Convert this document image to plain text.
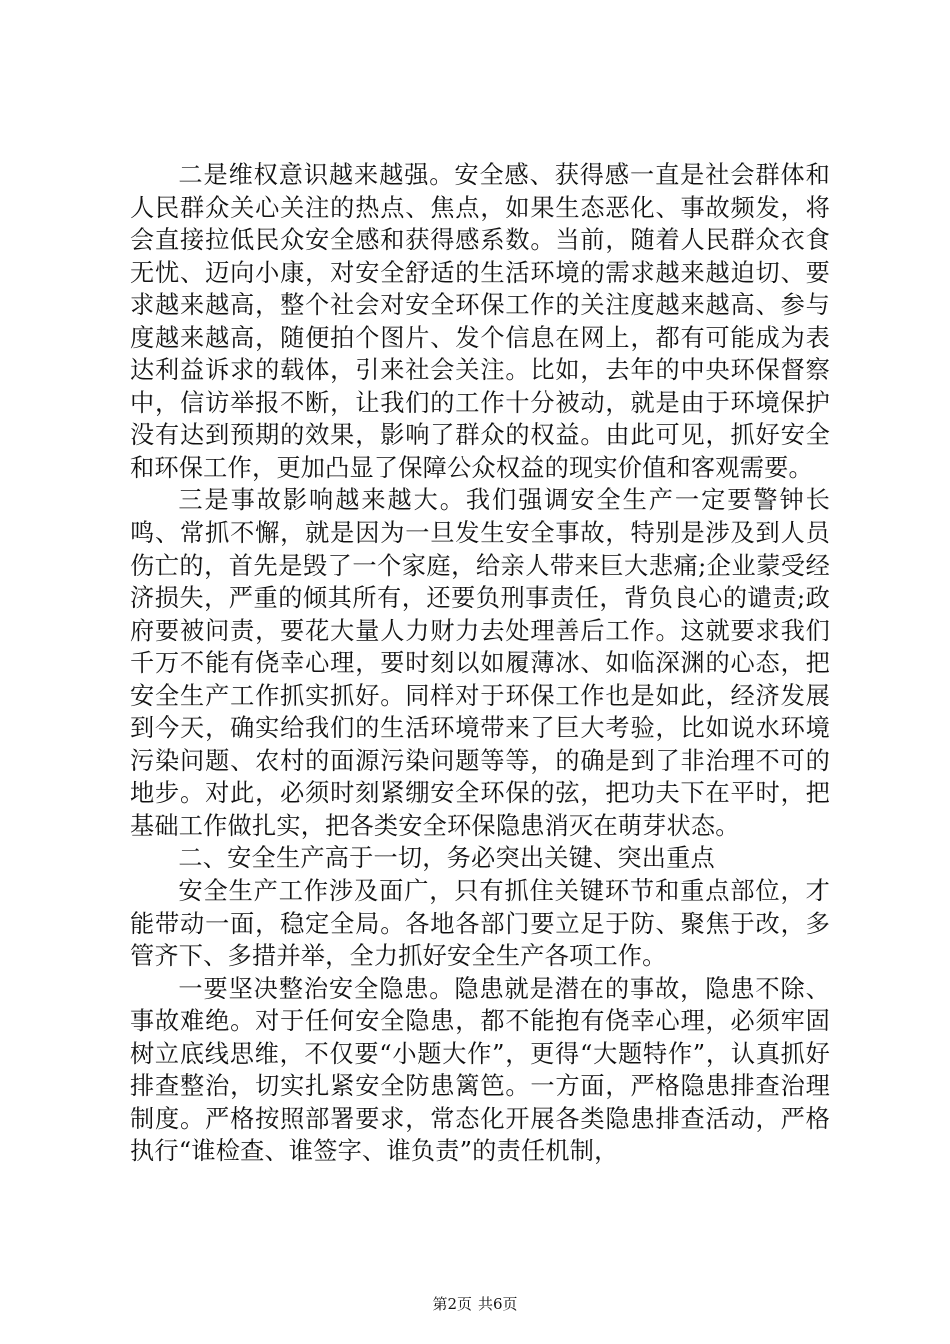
二是维权意识越来越强。安全感、获得感一直是社会群体和人民群众关心关注的热点、焦点，如果生态恶化、事故频发，将会直接拉低民众安全感和获得感系数。当前，随着人民群众衣食无忧、迈向小康，对安全舒适的生活环境的需求越来越迫切、要求越来越高，整个社会对安全环保工作的关注度越来越高、参与度越来越高，随便拍个图片、发个信息在网上，都有可能成为表达利益诉求的载体，引来社会关注。比如，去年的中央环保督察中，信访举报不断，让我们的工作十分被动，就是由于环境保护没有达到预期的效果，影响了群众的权益。由此可见，抓好安全和环保工作，更加凸显了保障公众权益的现实价值和客观需要。

三是事故影响越来越大。我们强调安全生产一定要警钟长鸣、常抓不懈，就是因为一旦发生安全事故，特别是涉及到人员伤亡的，首先是毁了一个家庭，给亲人带来巨大悲痛;企业蒙受经济损失，严重的倾其所有，还要负刑事责任，背负良心的谴责;政府要被问责，要花大量人力财力去处理善后工作。这就要求我们千万不能有侥幸心理，要时刻以如履薄冰、如临深渊的心态，把安全生产工作抓实抓好。同样对于环保工作也是如此，经济发展到今天，确实给我们的生活环境带来了巨大考验，比如说水环境污染问题、农村的面源污染问题等等，的确是到了非治理不可的地步。对此，必须时刻紧绷安全环保的弦，把功夫下在平时，把基础工作做扎实，把各类安全环保隐患消灭在萌芽状态。

二、安全生产高于一切，务必突出关键、突出重点

安全生产工作涉及面广，只有抓住关键环节和重点部位，才能带动一面，稳定全局。各地各部门要立足于防、聚焦于改，多管齐下、多措并举，全力抓好安全生产各项工作。

一要坚决整治安全隐患。隐患就是潜在的事故，隐患不除、事故难绝。对于任何安全隐患，都不能抱有侥幸心理，必须牢固树立底线思维，不仅要“小题大作”，更得“大题特作”，认真抓好排查整治，切实扎紧安全防患篱笆。一方面，严格隐患排查治理制度。严格按照部署要求，常态化开展各类隐患排查活动，严格执行“谁检查、谁签字、谁负责”的责任机制，

第2页 共6页
